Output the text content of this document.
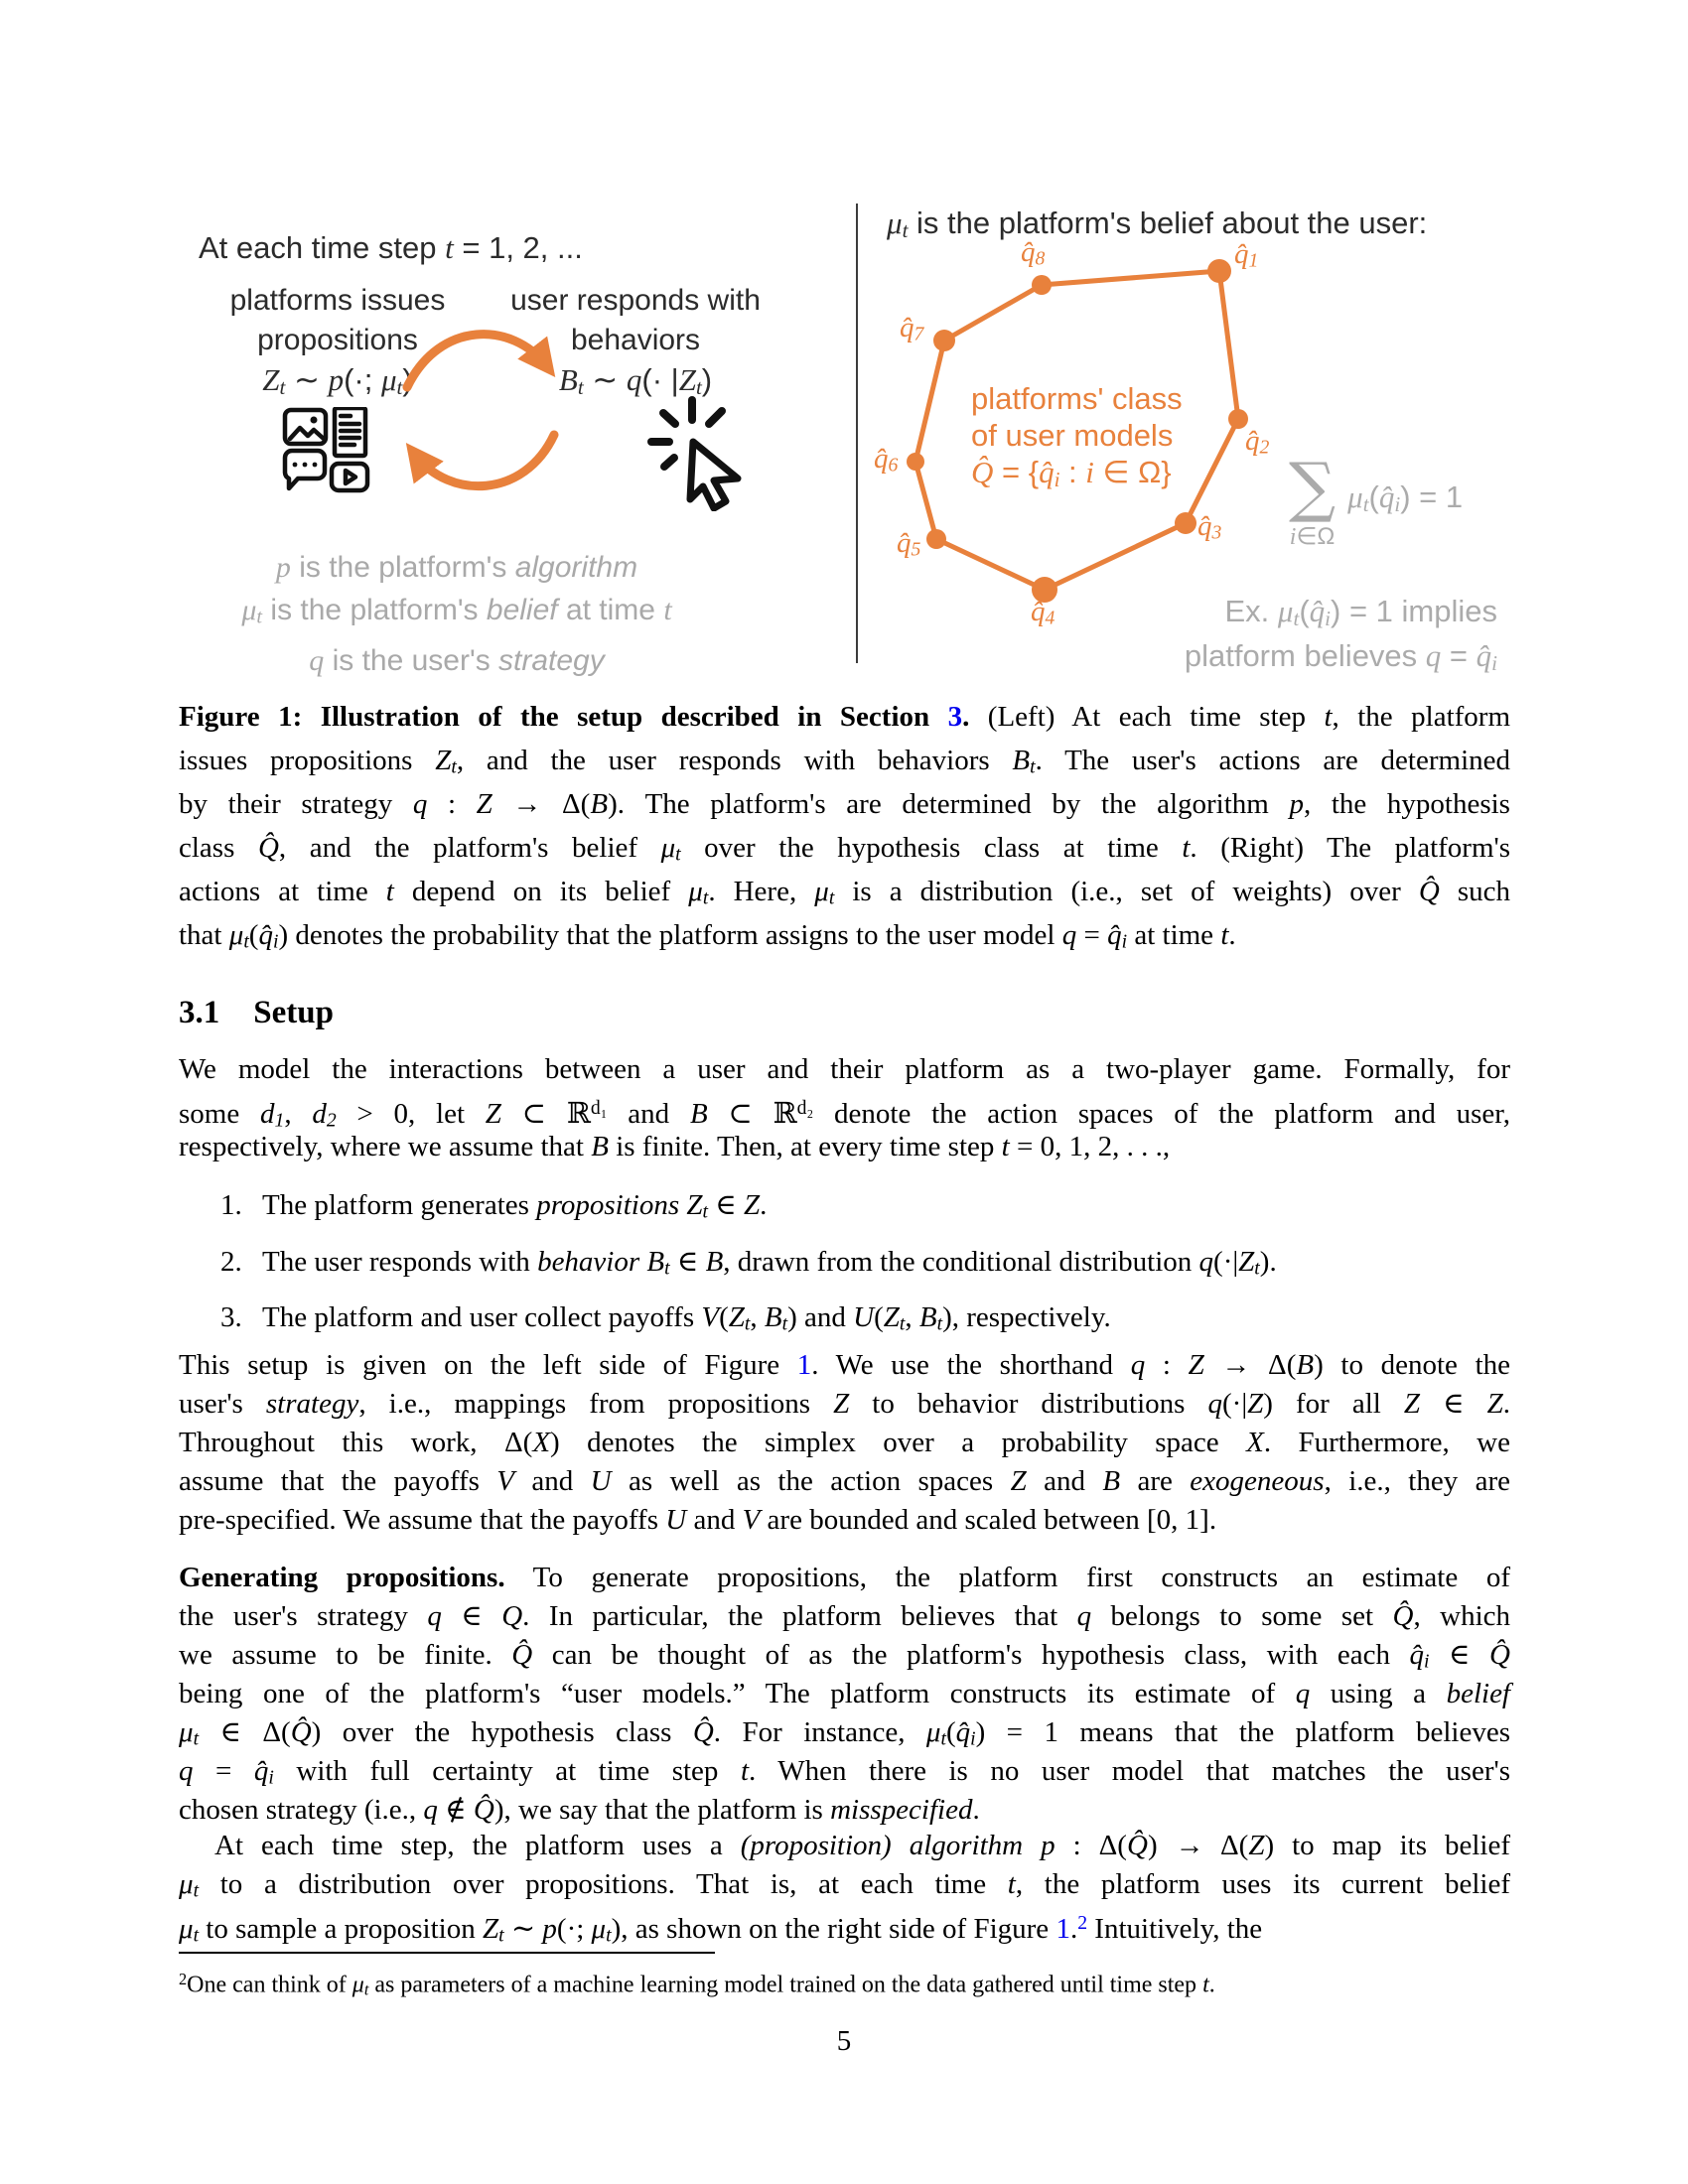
At each time step t = 1, 2, ...
platforms issues
propositions
Zt ∼ p(·; μt)
user responds with
behaviors
Bt ∼ q(· |Zt)
p is the platform's algorithm
μt is the platform's belief at time t
q is the user's strategy
μt is the platform's belief about the user:
q̂1
q̂2
q̂3
q̂4
q̂5
q̂6
q̂7
q̂8
platforms' class
of user models
Q̂ = {q̂i : i ∈ Ω} ∑
i∈Ω
μt(q̂i) = 1
Ex. μt(q̂i) = 1 implies
platform believes q = q̂i
Figure 1: Illustration of the setup described in Section 3. (Left) At each time step t, the platform
issues propositions Zt, and the user responds with behaviors Bt. The user's actions are determined
by their strategy q : Z → Δ(B). The platform's are determined by the algorithm p, the hypothesis
class Q̂, and the platform's belief μt over the hypothesis class at time t. (Right) The platform's
actions at time t depend on its belief μt. Here, μt is a distribution (i.e., set of weights) over Q̂ such
that μt(q̂i) denotes the probability that the platform assigns to the user model q = q̂i at time t.
3.1 Setup
We model the interactions between a user and their platform as a two-player game. Formally, for
some d1, d2 > 0, let Z ⊂ ℝ$^{d_1}$ and B ⊂ ℝ$^{d_2}$ denote the action spaces of the platform and user,
respectively, where we assume that B is finite. Then, at every time step t = 0, 1, 2, . . .,
1. The platform generates propositions Zt ∈ Z.
2. The user responds with behavior Bt ∈ B, drawn from the conditional distribution q(·|Zt).
3. The platform and user collect payoffs V(Zt, Bt) and U(Zt, Bt), respectively.
This setup is given on the left side of Figure 1. We use the shorthand q : Z → Δ(B) to denote the
user's strategy, i.e., mappings from propositions Z to behavior distributions q(·|Z) for all Z ∈ Z.
Throughout this work, Δ(X) denotes the simplex over a probability space X. Furthermore, we
assume that the payoffs V and U as well as the action spaces Z and B are exogeneous, i.e., they are
pre-specified. We assume that the payoffs U and V are bounded and scaled between [0, 1].
Generating propositions. To generate propositions, the platform first constructs an estimate of
the user's strategy q ∈ Q. In particular, the platform believes that q belongs to some set Q̂, which
we assume to be finite. Q̂ can be thought of as the platform's hypothesis class, with each q̂i ∈ Q̂
being one of the platform's “user models.” The platform constructs its estimate of q using a belief
μt ∈ Δ(Q̂) over the hypothesis class Q̂. For instance, μt(q̂i) = 1 means that the platform believes
q = q̂i with full certainty at time step t. When there is no user model that matches the user's
chosen strategy (i.e., q ∉ Q̂), we say that the platform is misspecified.
At each time step, the platform uses a (proposition) algorithm p : Δ(Q̂) → Δ(Z) to map its belief
μt to a distribution over propositions. That is, at each time t, the platform uses its current belief
μt to sample a proposition Zt ∼ p(·; μt), as shown on the right side of Figure 1.$^2$ Intuitively, the
$^2$One can think of μt as parameters of a machine learning model trained on the data gathered until time step t.
5
